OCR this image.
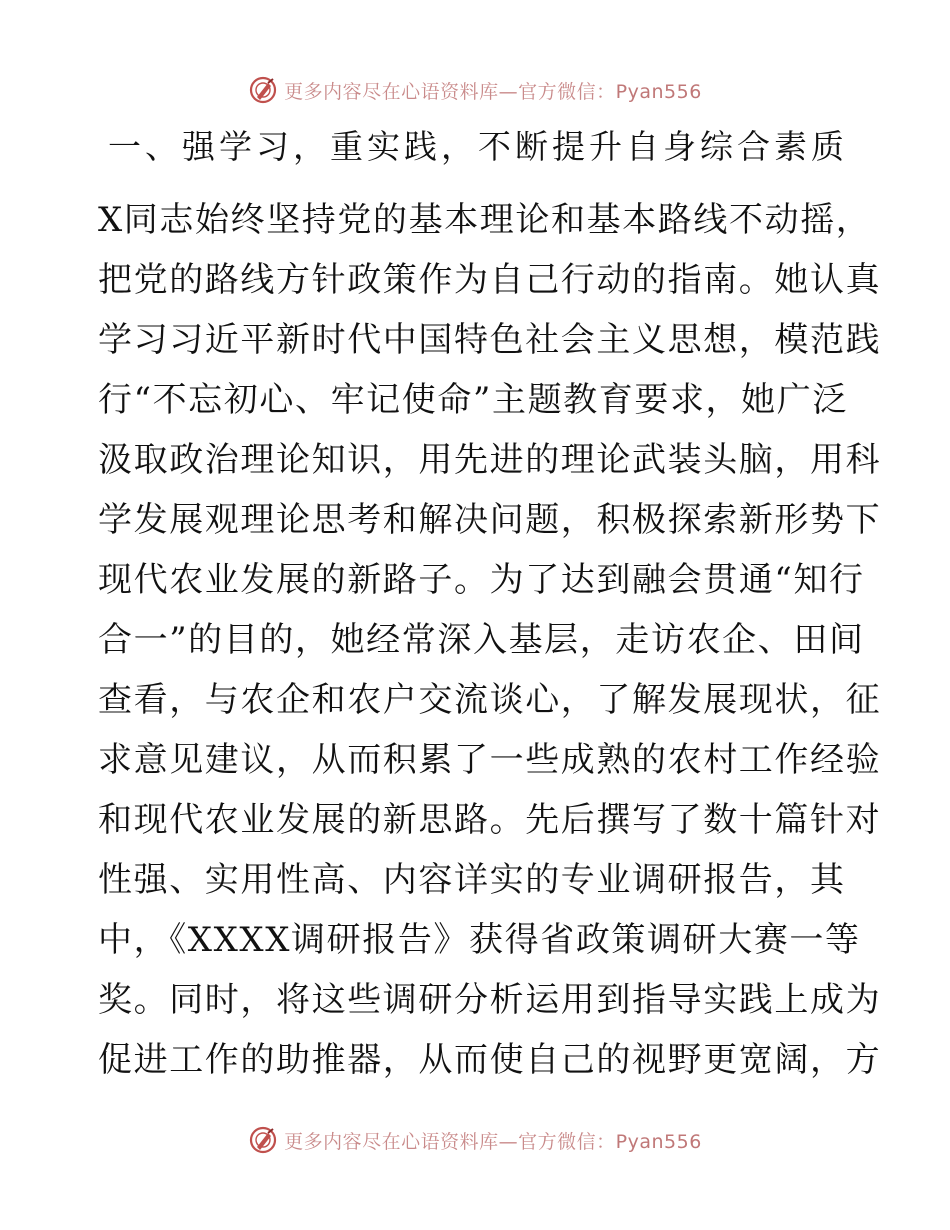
更多内容尽在心语资料库—官方微信：Pyan556
一、强学习，重实践，不断提升自身综合素质
X同志始终坚持党的基本理论和基本路线不动摇，
把党的路线方针政策作为自己行动的指南。她认真
学习习近平新时代中国特色社会主义思想，模范践
行“不忘初心、牢记使命”主题教育要求，她广泛
汲取政治理论知识，用先进的理论武装头脑，用科
学发展观理论思考和解决问题，积极探索新形势下
现代农业发展的新路子。为了达到融会贯通“知行
合一”的目的，她经常深入基层，走访农企、田间
查看，与农企和农户交流谈心，了解发展现状，征
求意见建议，从而积累了一些成熟的农村工作经验
和现代农业发展的新思路。先后撰写了数十篇针对
性强、实用性高、内容详实的专业调研报告，其
中，《XXXX调研报告》获得省政策调研大赛一等
奖。同时，将这些调研分析运用到指导实践上成为
促进工作的助推器，从而使自己的视野更宽阔，方
更多内容尽在心语资料库—官方微信：Pyan556
